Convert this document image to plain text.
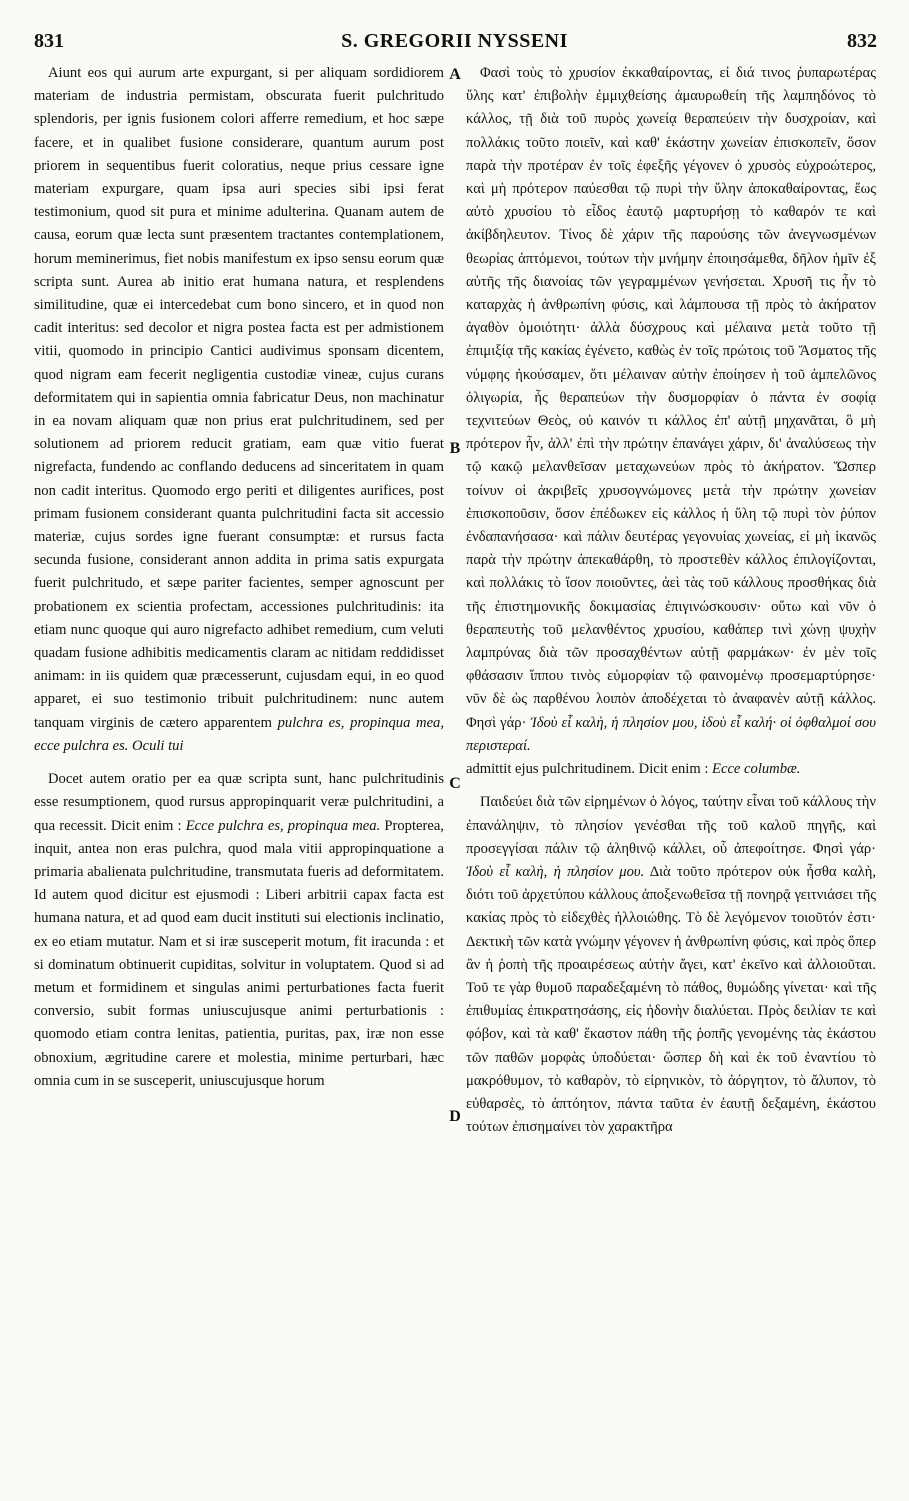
831	S. GREGORII NYSSENI	832
A
B
C
D

Aiunt eos qui aurum arte expurgant, si per aliquam sordidiorem materiam de industria permistam, obscurata fuerit pulchritudo splendoris, per ignis fusionem colori afferre remedium, et hoc sæpe facere, et in qualibet fusione considerare, quantum aurum post priorem in sequentibus fuerit coloratius, neque prius cessare igne materiam expurgare, quam ipsa auri species sibi ipsi ferat testimonium, quod sit pura et minime adulterina. Quanam autem de causa, eorum quæ lecta sunt præsentem tractantes contemplationem, horum meminerimus, fiet nobis manifestum ex ipso sensu eorum quæ scripta sunt. Aurea ab initio erat humana natura, et resplendens similitudine, quæ ei intercedebat cum bono sincero, et in quod non cadit interitus: sed decolor et nigra postea facta est per admistionem vitii, quomodo in principio Cantici audivimus sponsam dicentem, quod nigram eam fecerit negligentia custodiæ vineæ, cujus curans deformitatem qui in sapientia omnia fabricatur Deus, non machinatur in ea novam aliquam quæ non prius erat pulchritudinem, sed per solutionem ad priorem reducit gratiam, eam quæ vitio fuerat nigrefacta, fundendo ac conflando deducens ad sinceritatem in quam non cadit interitus. Quomodo ergo periti et diligentes aurifices, post primam fusionem considerant quanta pulchritudini facta sit accessio materiæ, cujus sordes igne fuerant consumptæ: et rursus facta secunda fusione, considerant annon addita in prima satis expurgata fuerit pulchritudo, et sæpe pariter facientes, semper agnoscunt per probationem ex scientia profectam, accessiones pulchritudinis: ita etiam nunc quoque qui auro nigrefacto adhibet remedium, cum veluti quadam fusione adhibitis medicamentis claram ac nitidam reddidisset animam: in iis quidem quæ præcesserunt, cujusdam equi, in eo quod apparet, ei suo testimonio tribuit pulchritudinem: nunc autem tanquam virginis de cætero apparentem pulchra es, propinqua mea, ecce pulchra es. Oculi tui

Docet autem oratio per ea quæ scripta sunt, hanc pulchritudinis esse resumptionem, quod rursus appropinquarit veræ pulchritudini, a qua recessit. Dicit enim : Ecce pulchra es, propinqua mea. Propterea, inquit, antea non eras pulchra, quod mala vitii appropinquatione a primaria abalienata pulchritudine, transmutata fueris ad deformitatem. Id autem quod dicitur est ejusmodi : Liberi arbitrii capax facta est humana natura, et ad quod eam ducit instituti sui electionis inclinatio, ex eo etiam mutatur. Nam et si iræ susceperit motum, fit iracunda : et si dominatum obtinuerit cupiditas, solvitur in voluptatem. Quod si ad metum et formidinem et singulas animi perturbationes facta fuerit conversio, subit formas uniuscujusque animi perturbationis : quomodo etiam contra lenitas, patientia, puritas, pax, iræ non esse obnoxium, ægritudine carere et molestia, minime perturbari, hæc omnia cum in se susceperit, uniuscujusque horum

Φασὶ τοὺς τὸ χρυσίον ἐκκαθαίροντας, εἰ διά τινος ῥυπαρωτέρας ὕλης κατ' ἐπιβολὴν ἐμμιχθείσης ἀμαυρωθείη τῆς λαμπηδόνος τὸ κάλλος, τῇ διὰ τοῦ πυρὸς χωνείᾳ θεραπεύειν τὴν δυσχροίαν, καὶ πολλάκις τοῦτο ποιεῖν, καὶ καθ' ἑκάστην χωνείαν ἐπισκοπεῖν, ὅσον παρὰ τὴν προτέραν ἐν τοῖς ἐφεξῆς γέγονεν ὁ χρυσὸς εὐχροώτερος, καὶ μὴ πρότερον παύεσθαι τῷ πυρὶ τὴν ὕλην ἀποκαθαίροντας, ἕως αὐτὸ χρυσίου τὸ εἶδος ἑαυτῷ μαρτυρήσῃ τὸ καθαρόν τε καὶ ἀκίβδηλευτον. Τίνος δὲ χάριν τῆς παρούσης τῶν ἀνεγνωσμένων θεωρίας ἁπτόμενοι, τούτων τὴν μνήμην ἐποιησάμεθα, δῆλον ἡμῖν ἐξ αὐτῆς τῆς διανοίας τῶν γεγραμμένων γενήσεται. Χρυσῆ τις ἦν τὸ καταρχὰς ἡ ἀνθρωπίνη φύσις, καὶ λάμπουσα τῇ πρὸς τὸ ἀκήρατον ἀγαθὸν ὁμοιότητι· ἀλλὰ δύσχρους καὶ μέλαινα μετὰ τοῦτο τῇ ἐπιμιξίᾳ τῆς κακίας ἐγένετο, καθὼς ἐν τοῖς πρώτοις τοῦ Ἄσματος τῆς νύμφης ἠκούσαμεν, ὅτι μέλαιναν αὐτὴν ἐποίησεν ἡ τοῦ ἀμπελῶνος ὀλιγωρία, ἧς θεραπεύων τὴν δυσμορφίαν ὁ πάντα ἐν σοφίᾳ τεχνιτεύων Θεὸς, οὐ καινόν τι κάλλος ἐπ' αὐτῇ μηχανᾶται, ὃ μὴ πρότερον ἦν, ἀλλ' ἐπὶ τὴν πρώτην ἐπανάγει χάριν, δι' ἀναλύσεως τὴν τῷ κακῷ μελανθεῖσαν μεταχωνεύων πρὸς τὸ ἀκήρατον. Ὥσπερ τοίνυν οἱ ἀκριβεῖς χρυσογνώμονες μετὰ τὴν πρώτην χωνείαν ἐπισκοποῦσιν, ὅσον ἐπέδωκεν εἰς κάλλος ἡ ὕλη τῷ πυρὶ τὸν ῥύπον ἐνδαπανήσασα· καὶ πάλιν δευτέρας γεγονυίας χωνείας, εἰ μὴ ἱκανῶς παρὰ τὴν πρώτην ἀπεκαθάρθη, τὸ προστεθὲν κάλλος ἐπιλογίζονται, καὶ πολλάκις τὸ ἴσον ποιοῦντες, ἀεὶ τὰς τοῦ κάλλους προσθήκας διὰ τῆς ἐπιστημονικῆς δοκιμασίας ἐπιγινώσκουσιν· οὕτω καὶ νῦν ὁ θεραπευτὴς τοῦ μελανθέντος χρυσίου, καθάπερ τινὶ χώνῃ ψυχὴν λαμπρύνας διὰ τῶν προσαχθέντων αὐτῇ φαρμάκων· ἐν μὲν τοῖς φθάσασιν ἵππου τινὸς εὐμορφίαν τῷ φαινομένῳ προσεμαρτύρησε· νῦν δὲ ὡς παρθένου λοιπὸν ἀποδέχεται τὸ ἀναφανὲν αὐτῇ κάλλος. Φησὶ γάρ· Ἰδοὺ εἶ καλὴ, ἡ πλησίον μου, ἰδοὺ εἶ καλή· οἱ ὀφθαλμοί σου περιστεραί.

admittit ejus pulchritudinem. Dicit enim : Ecce columbæ.

Παιδεύει διὰ τῶν εἰρημένων ὁ λόγος, ταύτην εἶναι τοῦ κάλλους τὴν ἐπανάληψιν, τὸ πλησίον γενέσθαι τῆς τοῦ καλοῦ πηγῆς, καὶ προσεγγίσαι πάλιν τῷ ἀληθινῷ κάλλει, οὗ ἀπεφοίτησε. Φησὶ γάρ· Ἰδοὺ εἶ καλὴ, ἡ πλησίον μου. Διὰ τοῦτο πρότερον οὐκ ἦσθα καλὴ, διότι τοῦ ἀρχετύπου κάλλους ἀποξενωθεῖσα τῇ πονηρᾷ γειτνιάσει τῆς κακίας πρὸς τὸ εἰδεχθὲς ἠλλοιώθης. Τὸ δὲ λεγόμενον τοιοῦτόν ἐστι· Δεκτικὴ τῶν κατὰ γνώμην γέγονεν ἡ ἀνθρωπίνη φύσις, καὶ πρὸς ὅπερ ἂν ἡ ῥοπὴ τῆς προαιρέσεως αὐτὴν ἄγει, κατ' ἐκεῖνο καὶ ἀλλοιοῦται. Τοῦ τε γὰρ θυμοῦ παραδεξαμένη τὸ πάθος, θυμώδης γίνεται· καὶ τῆς ἐπιθυμίας ἐπικρατησάσης, εἰς ἡδονὴν διαλύεται. Πρὸς δειλίαν τε καὶ φόβον, καὶ τὰ καθ' ἕκαστον πάθη τῆς ῥοπῆς γενομένης τὰς ἑκάστου τῶν παθῶν μορφὰς ὑποδύεται· ὥσπερ δὴ καὶ ἐκ τοῦ ἐναντίου τὸ μακρόθυμον, τὸ καθαρὸν, τὸ εἰρηνικὸν, τὸ ἀόργητον, τὸ ἄλυπον, τὸ εὐθαρσὲς, τὸ ἀπτόητον, πάντα ταῦτα ἐν ἑαυτῇ δεξαμένη, ἑκάστου τούτων ἐπισημαίνει τὸν χαρακτῆρα
